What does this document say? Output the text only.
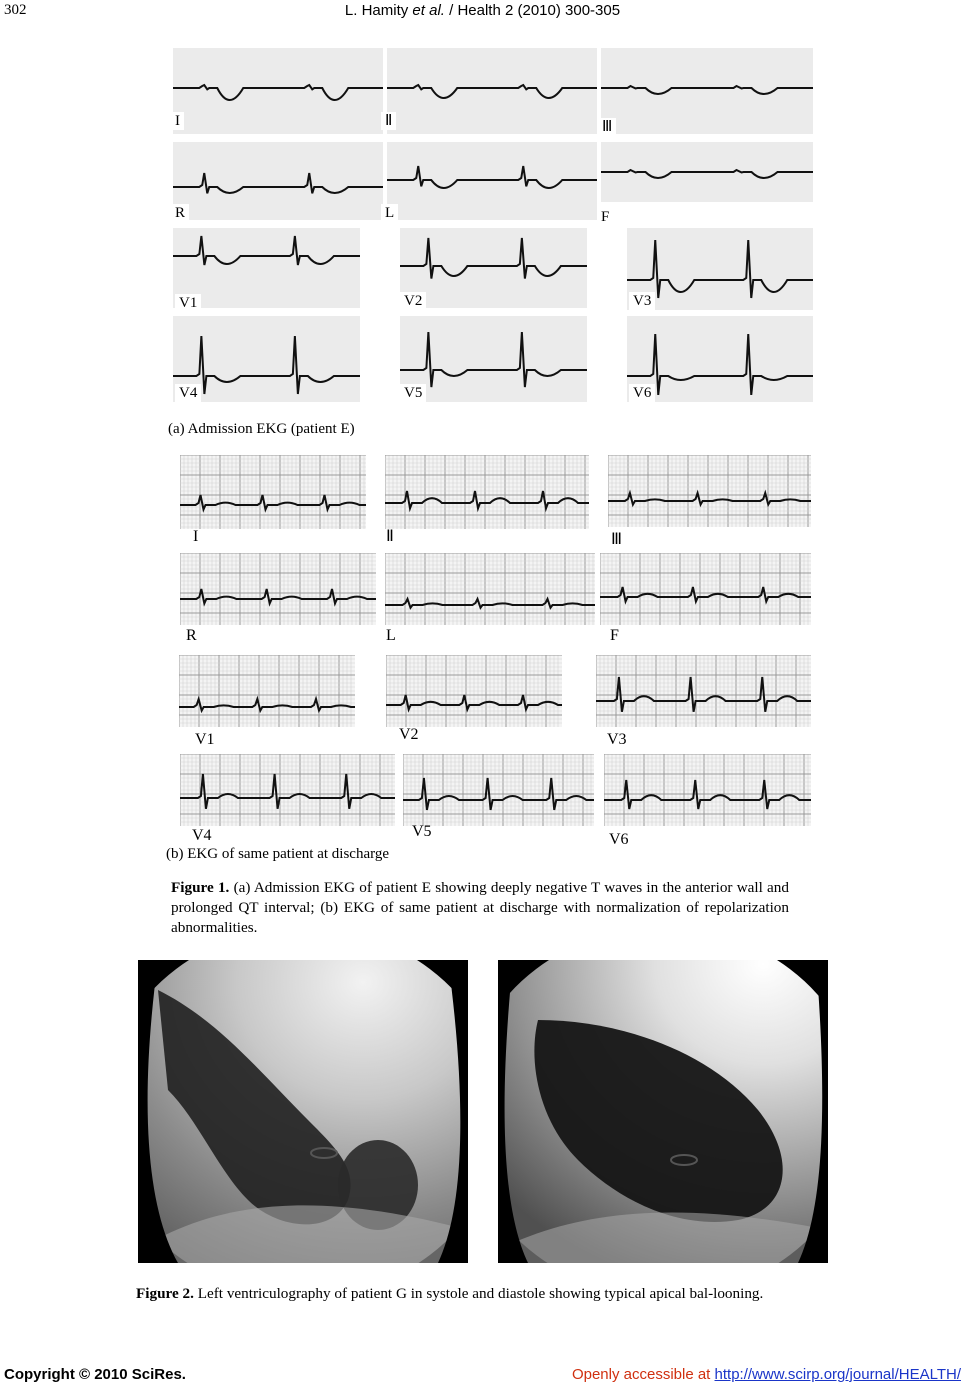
302	L. Hamity et al. / Health 2 (2010) 300-305
I	Ⅱ	Ⅲ
R	L	F
V1	V2	V3
V4	V5	V6
(a) Admission EKG (patient E)
I	Ⅱ	Ⅲ
R	L	F
V1	V2	V3
V4	V5	V6
(b) EKG of same patient at discharge
Figure 1. (a) Admission EKG of patient E showing deeply negative T waves in the anterior wall and prolonged QT interval; (b) EKG of same patient at discharge with normalization of repolarization abnormalities.
Figure 2. Left ventriculography of patient G in systole and diastole showing typical apical bal-looning.
Copyright © 2010 SciRes.	Openly accessible at http://www.scirp.org/journal/HEALTH/
